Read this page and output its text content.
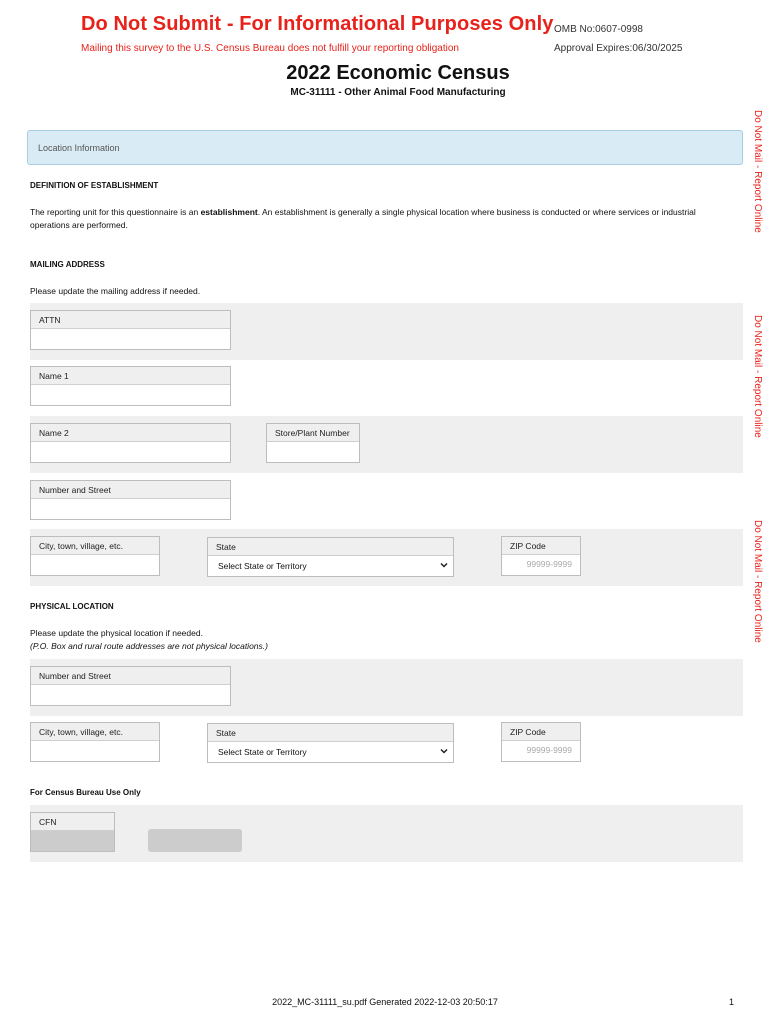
Do Not Submit - For Informational Purposes Only
Mailing this survey to the U.S. Census Bureau does not fulfill your reporting obligation
OMB No:0607-0998
Approval Expires:06/30/2025
2022 Economic Census
MC-31111 - Other Animal Food Manufacturing
Do Not Mail - Report Online
Do Not Mail - Report Online
Do Not Mail - Report Online
Location Information
DEFINITION OF ESTABLISHMENT
The reporting unit for this questionnaire is an establishment. An establishment is generally a single physical location where business is conducted or where services or industrial operations are performed.
MAILING ADDRESS
Please update the mailing address if needed.
ATTN
Name 1
Name 2	Store/Plant Number
Number and Street
City, town, village, etc.	State
Select State or Territory
ZIP Code
99999-9999
PHYSICAL LOCATION
Please update the physical location if needed.
(P.O. Box and rural route addresses are not physical locations.)
Number and Street
City, town, village, etc.	State
Select State or Territory
ZIP Code
99999-9999
For Census Bureau Use Only
CFN
2022_MC-31111_su.pdf Generated 2022-12-03 20:50:17	1
